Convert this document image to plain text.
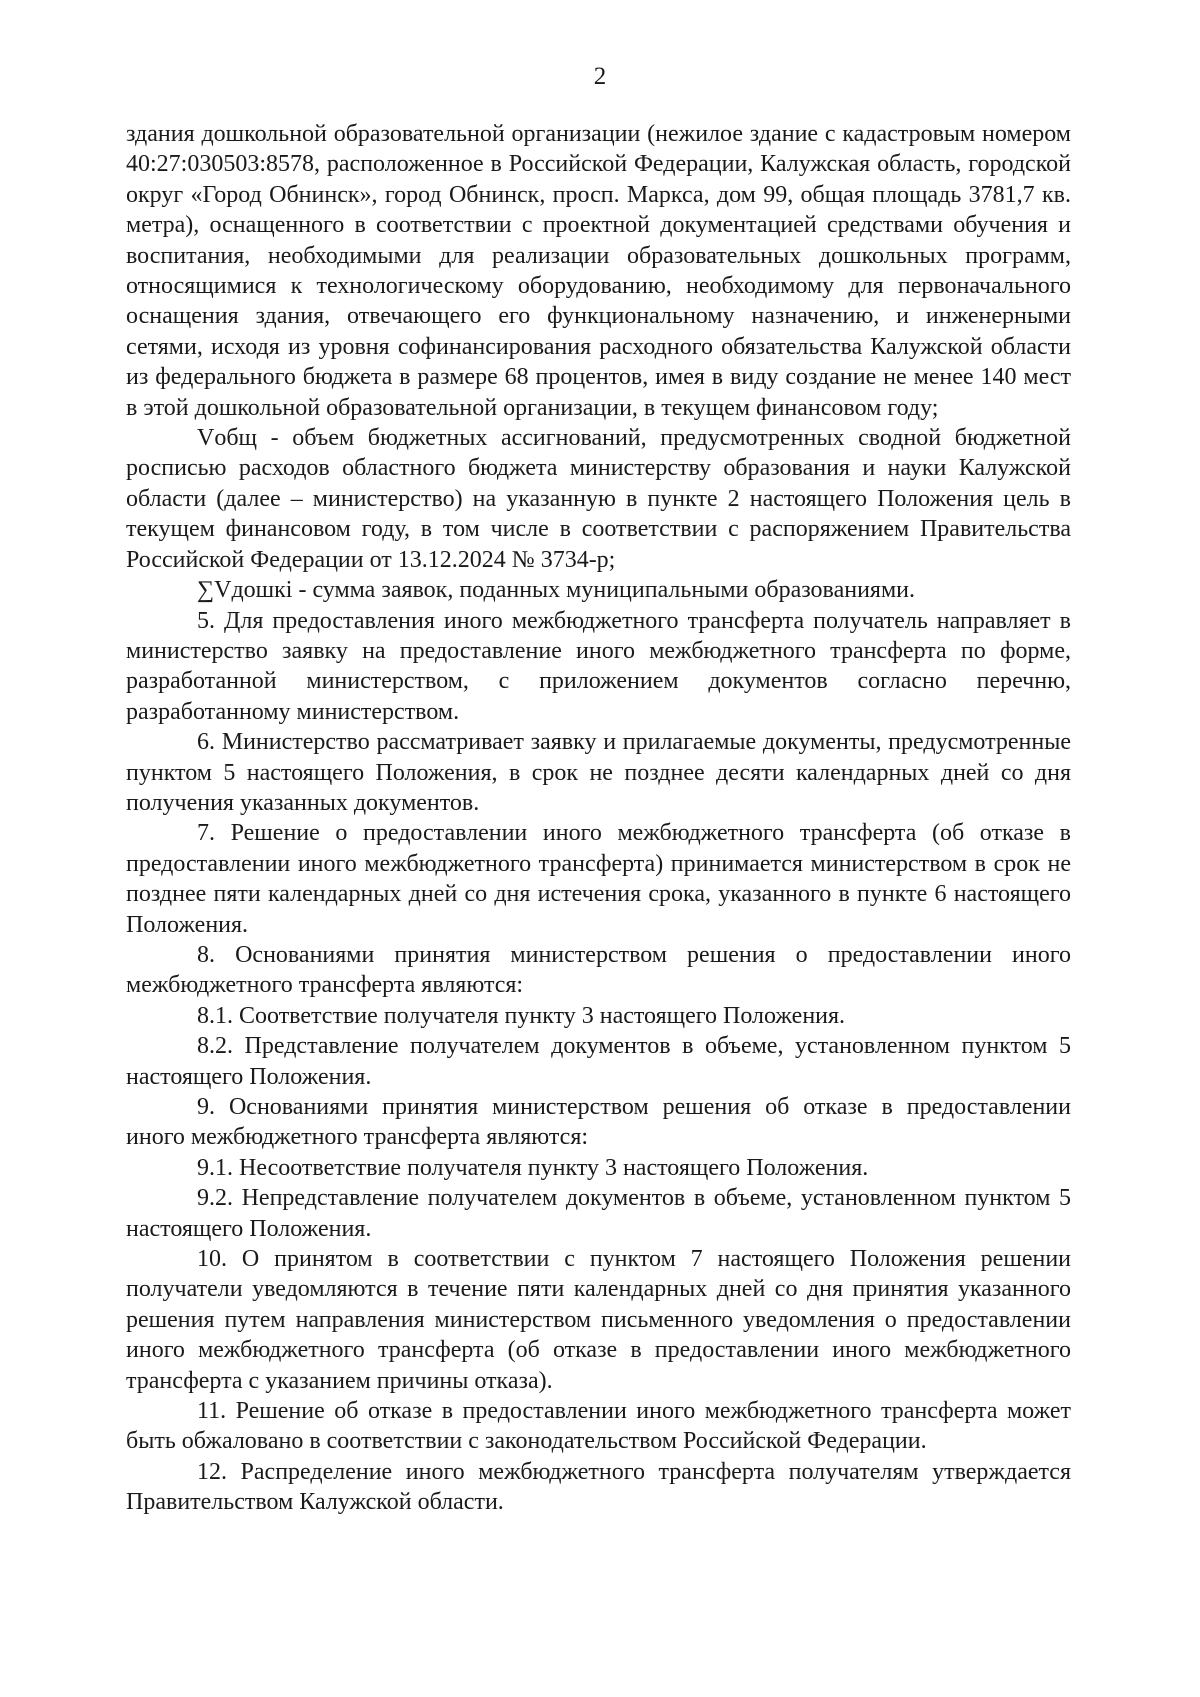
2

здания дошкольной образовательной организации (нежилое здание с кадастровым номером 40:27:030503:8578, расположенное в Российской Федерации, Калужская область, городской округ «Город Обнинск», город Обнинск, просп. Маркса, дом 99, общая площадь 3781,7 кв. метра), оснащенного в соответствии с проектной документацией средствами обучения и воспитания, необходимыми для реализации образовательных дошкольных программ, относящимися к технологическому оборудованию, необходимому для первоначального оснащения здания, отвечающего его функциональному назначению, и инженерными сетями, исходя из уровня софинансирования расходного обязательства Калужской области из федерального бюджета в размере 68 процентов, имея в виду создание не менее 140 мест в этой дошкольной образовательной организации, в текущем финансовом году;

Vобщ - объем бюджетных ассигнований, предусмотренных сводной бюджетной росписью расходов областного бюджета министерству образования и науки Калужской области (далее – министерство) на указанную в пункте 2 настоящего Положения цель в текущем финансовом году, в том числе в соответствии с распоряжением Правительства Российской Федерации от 13.12.2024 № 3734-р;

∑Vдошкi - сумма заявок, поданных муниципальными образованиями.

5. Для предоставления иного межбюджетного трансферта получатель направляет в министерство заявку на предоставление иного межбюджетного трансферта по форме, разработанной министерством, с приложением документов согласно перечню, разработанному министерством.

6. Министерство рассматривает заявку и прилагаемые документы, предусмотренные пунктом 5 настоящего Положения, в срок не позднее десяти календарных дней со дня получения указанных документов.

7. Решение о предоставлении иного межбюджетного трансферта (об отказе в предоставлении иного межбюджетного трансферта) принимается министерством в срок не позднее пяти календарных дней со дня истечения срока, указанного в пункте 6 настоящего Положения.

8. Основаниями принятия министерством решения о предоставлении иного межбюджетного трансферта являются:

8.1. Соответствие получателя пункту 3 настоящего Положения.

8.2. Представление получателем документов в объеме, установленном пунктом 5 настоящего Положения.

9. Основаниями принятия министерством решения об отказе в предоставлении иного межбюджетного трансферта являются:

9.1. Несоответствие получателя пункту 3 настоящего Положения.

9.2. Непредставление получателем документов в объеме, установленном пунктом 5 настоящего Положения.

10. О принятом в соответствии с пунктом 7 настоящего Положения решении получатели уведомляются в течение пяти календарных дней со дня принятия указанного решения путем направления министерством письменного уведомления о предоставлении иного межбюджетного трансферта (об отказе в предоставлении иного межбюджетного трансферта с указанием причины отказа).

11. Решение об отказе в предоставлении иного межбюджетного трансферта может быть обжаловано в соответствии с законодательством Российской Федерации.

12. Распределение иного межбюджетного трансферта получателям утверждается Правительством Калужской области.
